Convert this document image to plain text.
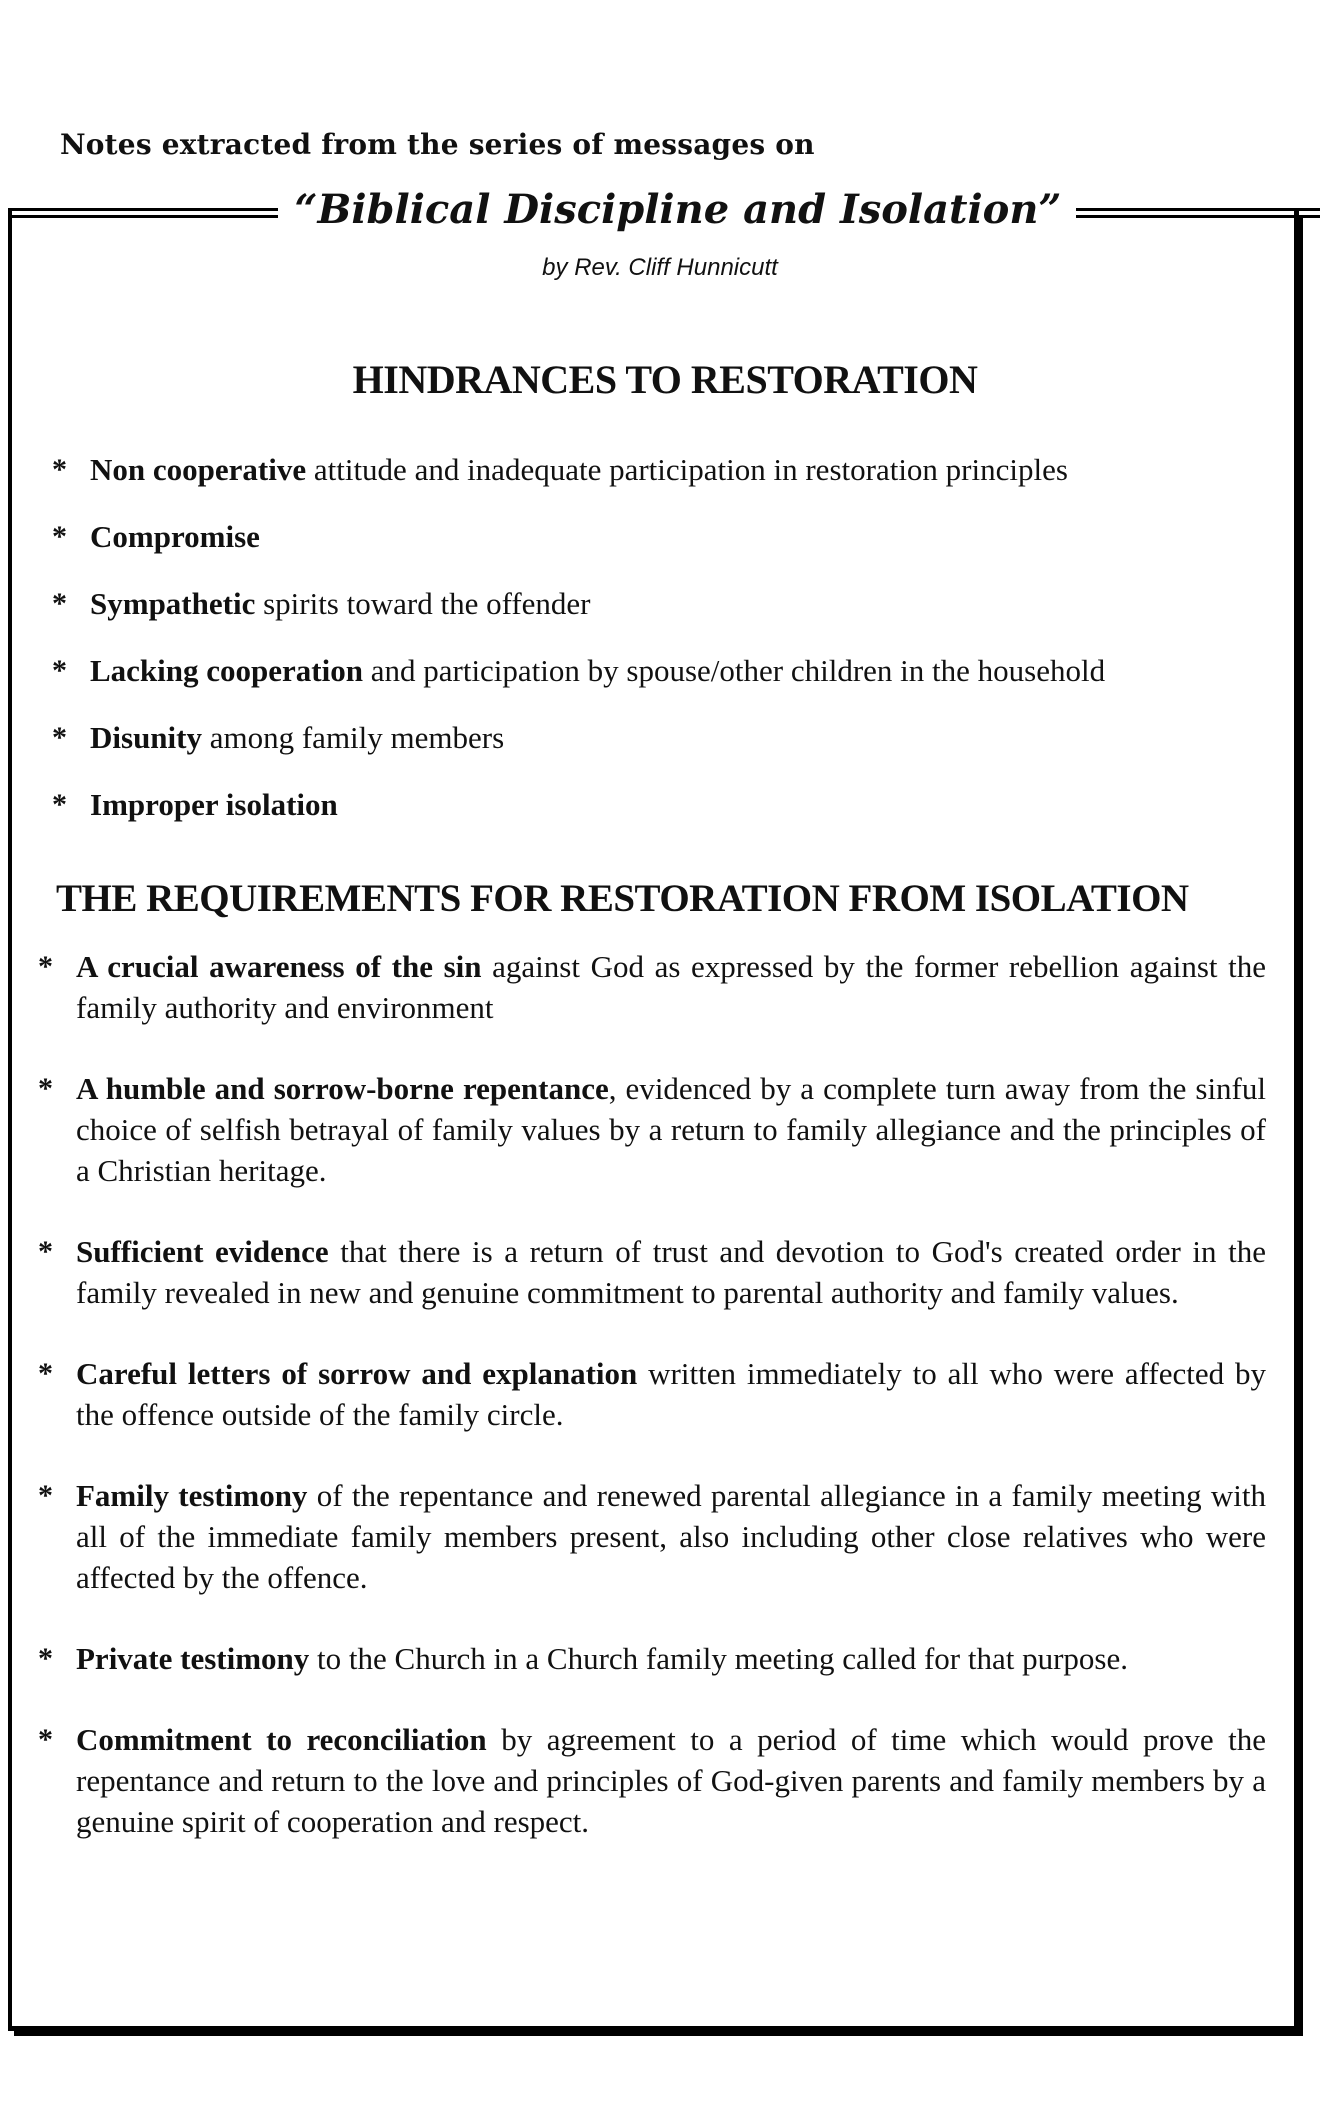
Notes extracted from the series of messages on
“Biblical Discipline and Isolation”
by Rev. Cliff Hunnicutt
HINDRANCES TO RESTORATION
* Non cooperative attitude and inadequate participation in restoration principles
* Compromise
* Sympathetic spirits toward the offender
* Lacking cooperation and participation by spouse/other children in the household
* Disunity among family members
* Improper isolation
THE REQUIREMENTS FOR RESTORATION FROM ISOLATION
* A crucial awareness of the sin against God as expressed by the former rebellion against the family authority and environment
* A humble and sorrow-borne repentance, evidenced by a complete turn away from the sinful choice of selfish betrayal of family values by a return to family allegiance and the principles of a Christian heritage.
* Sufficient evidence that there is a return of trust and devotion to God's created order in the family revealed in new and genuine commitment to parental authority and family values.
* Careful letters of sorrow and explanation written immediately to all who were affected by the offence outside of the family circle.
* Family testimony of the repentance and renewed parental allegiance in a family meeting with all of the immediate family members present, also including other close relatives who were affected by the offence.
* Private testimony to the Church in a Church family meeting called for that purpose.
* Commitment to reconciliation by agreement to a period of time which would prove the repentance and return to the love and principles of God-given parents and family members by a genuine spirit of cooperation and respect.
